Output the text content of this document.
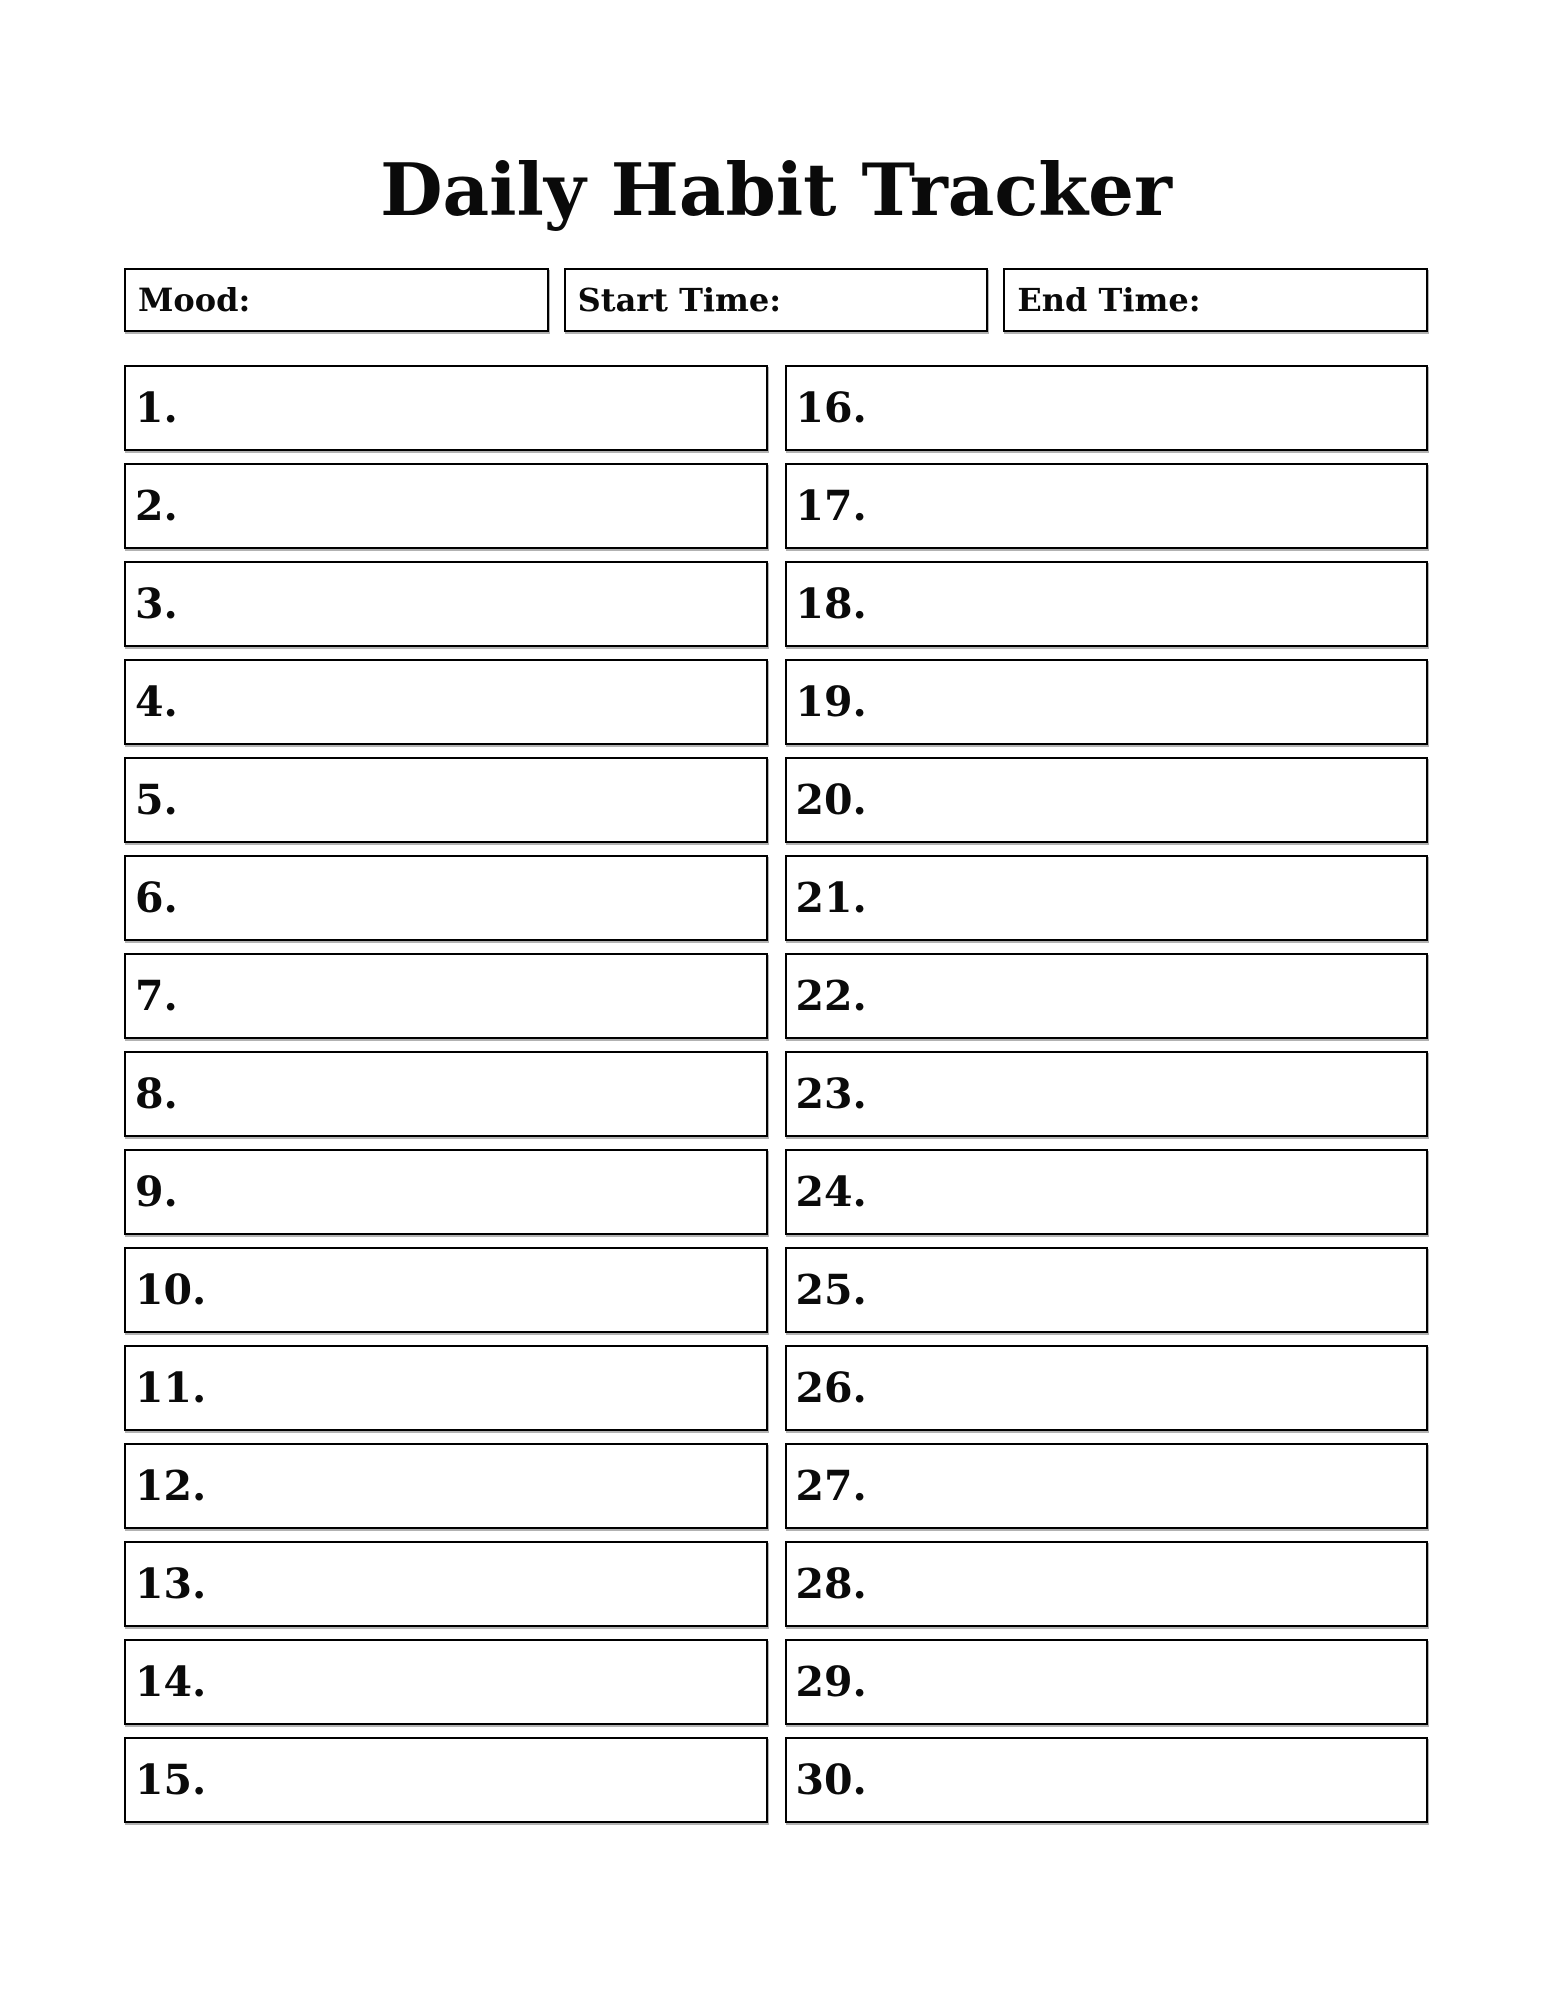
Daily Habit Tracker
Mood:	Start Time:	End Time:
1.
2.
3.
4.
5.
6.
7.
8.
9.
10.
11.
12.
13.
14.
15.
16.
17.
18.
19.
20.
21.
22.
23.
24.
25.
26.
27.
28.
29.
30.
